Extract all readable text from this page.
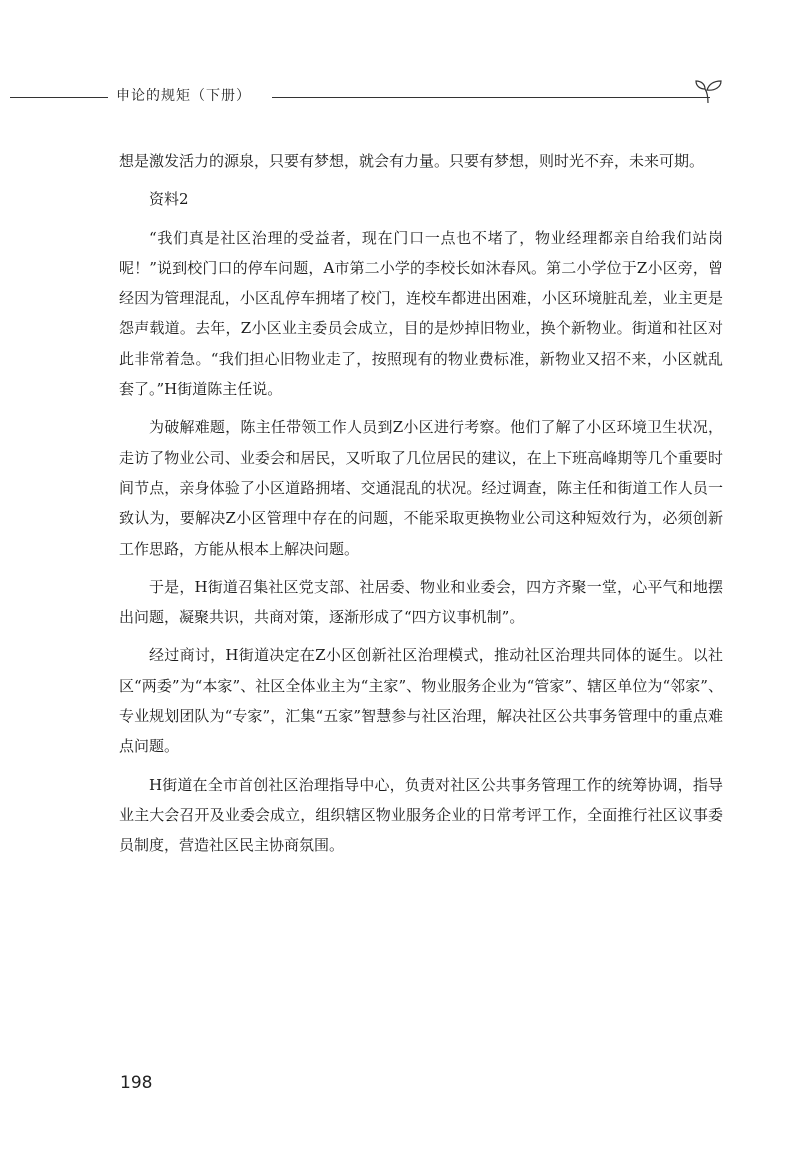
申论的规矩（下册）

想是激发活力的源泉，只要有梦想，就会有力量。只要有梦想，则时光不弃，未来可期。

资料2

“我们真是社区治理的受益者，现在门口一点也不堵了，物业经理都亲自给我们站岗呢！”说到校门口的停车问题，A市第二小学的李校长如沐春风。第二小学位于Z小区旁，曾经因为管理混乱，小区乱停车拥堵了校门，连校车都进出困难，小区环境脏乱差，业主更是怨声载道。去年，Z小区业主委员会成立，目的是炒掉旧物业，换个新物业。街道和社区对此非常着急。“我们担心旧物业走了，按照现有的物业费标准，新物业又招不来，小区就乱套了。”H街道陈主任说。

为破解难题，陈主任带领工作人员到Z小区进行考察。他们了解了小区环境卫生状况，走访了物业公司、业委会和居民，又听取了几位居民的建议，在上下班高峰期等几个重要时间节点，亲身体验了小区道路拥堵、交通混乱的状况。经过调查，陈主任和街道工作人员一致认为，要解决Z小区管理中存在的问题，不能采取更换物业公司这种短效行为，必须创新工作思路，方能从根本上解决问题。

于是，H街道召集社区党支部、社居委、物业和业委会，四方齐聚一堂，心平气和地摆出问题，凝聚共识，共商对策，逐渐形成了“四方议事机制”。

经过商讨，H街道决定在Z小区创新社区治理模式，推动社区治理共同体的诞生。以社区“两委”为“本家”、社区全体业主为“主家”、物业服务企业为“管家”、辖区单位为“邻家”、专业规划团队为“专家”，汇集“五家”智慧参与社区治理，解决社区公共事务管理中的重点难点问题。

H街道在全市首创社区治理指导中心，负责对社区公共事务管理工作的统筹协调，指导业主大会召开及业委会成立，组织辖区物业服务企业的日常考评工作，全面推行社区议事委员制度，营造社区民主协商氛围。

198
